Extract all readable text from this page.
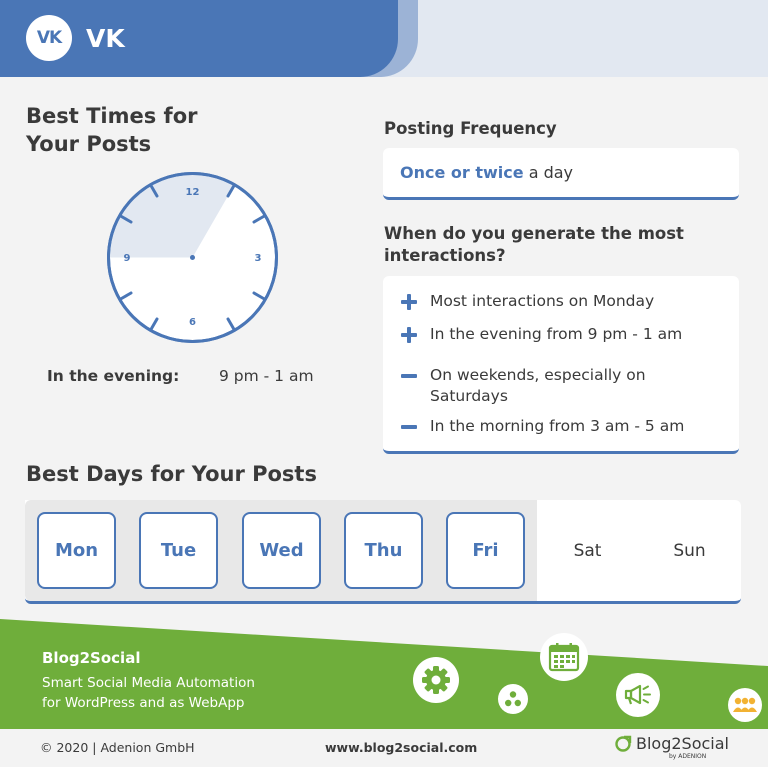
VK VK
Best Times for
Your Posts
12
3
6
9
In the evening:	9 pm - 1 am
Posting Frequency
Once or twice a day
When do you generate the most interactions?
Most interactions on Monday
In the evening from 9 pm - 1 am
On weekends, especially on Saturdays
In the morning from 3 am - 5 am
Best Days for Your Posts
Mon	Tue	Wed	Thu	Fri	Sat	Sun
Blog2Social
Smart Social Media Automation
for WordPress and as WebApp
© 2020 | Adenion GmbH	www.blog2social.com	Blog2Social
by ADENION
